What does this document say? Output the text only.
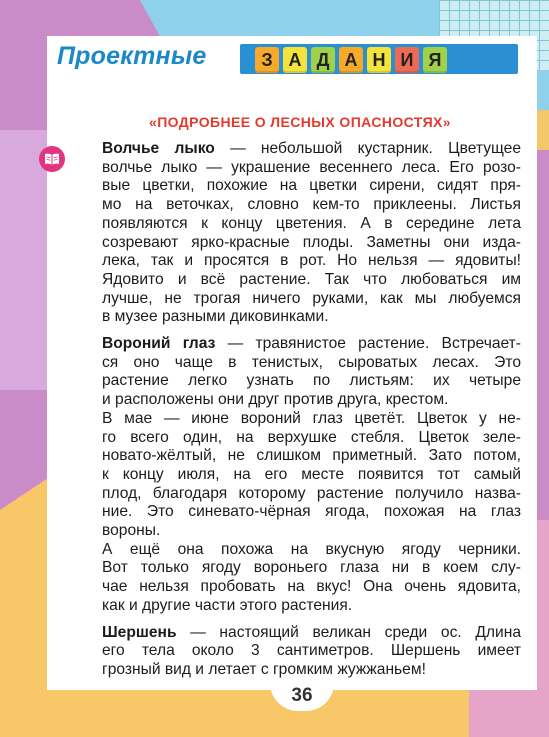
Проектные	З А Д А Н И Я
«ПОДРОБНЕЕ О ЛЕСНЫХ ОПАСНОСТЯХ»

Волчье лыко — небольшой кустарник. Цветущее
волчье лыко — украшение весеннего леса. Его розо-
вые цветки, похожие на цветки сирени, сидят пря-
мо на веточках, словно кем-то приклеены. Листья
появляются к концу цветения. А в середине лета
созревают ярко-красные плоды. Заметны они изда-
лека, так и просятся в рот. Но нельзя — ядовиты!
Ядовито и всё растение. Так что любоваться им
лучше, не трогая ничего руками, как мы любуемся
в музее разными диковинками.

Вороний глаз — травянистое растение. Встречает-
ся оно чаще в тенистых, сыроватых лесах. Это
растение легко узнать по листьям: их четыре
и расположены они друг против друга, крестом.

В мае — июне вороний глаз цветёт. Цветок у не-
го всего один, на верхушке стебля. Цветок зеле-
новато-жёлтый, не слишком приметный. Зато потом,
к концу июля, на его месте появится тот самый
плод, благодаря которому растение получило назва-
ние. Это синевато-чёрная ягода, похожая на глаз
вороны.

А ещё она похожа на вкусную ягоду черники.
Вот только ягоду вороньего глаза ни в коем слу-
чае нельзя пробовать на вкус! Она очень ядовита,
как и другие части этого растения.

Шершень — настоящий великан среди ос. Длина
его тела около 3 сантиметров. Шершень имеет
грозный вид и летает с громким жужжаньем!

36
